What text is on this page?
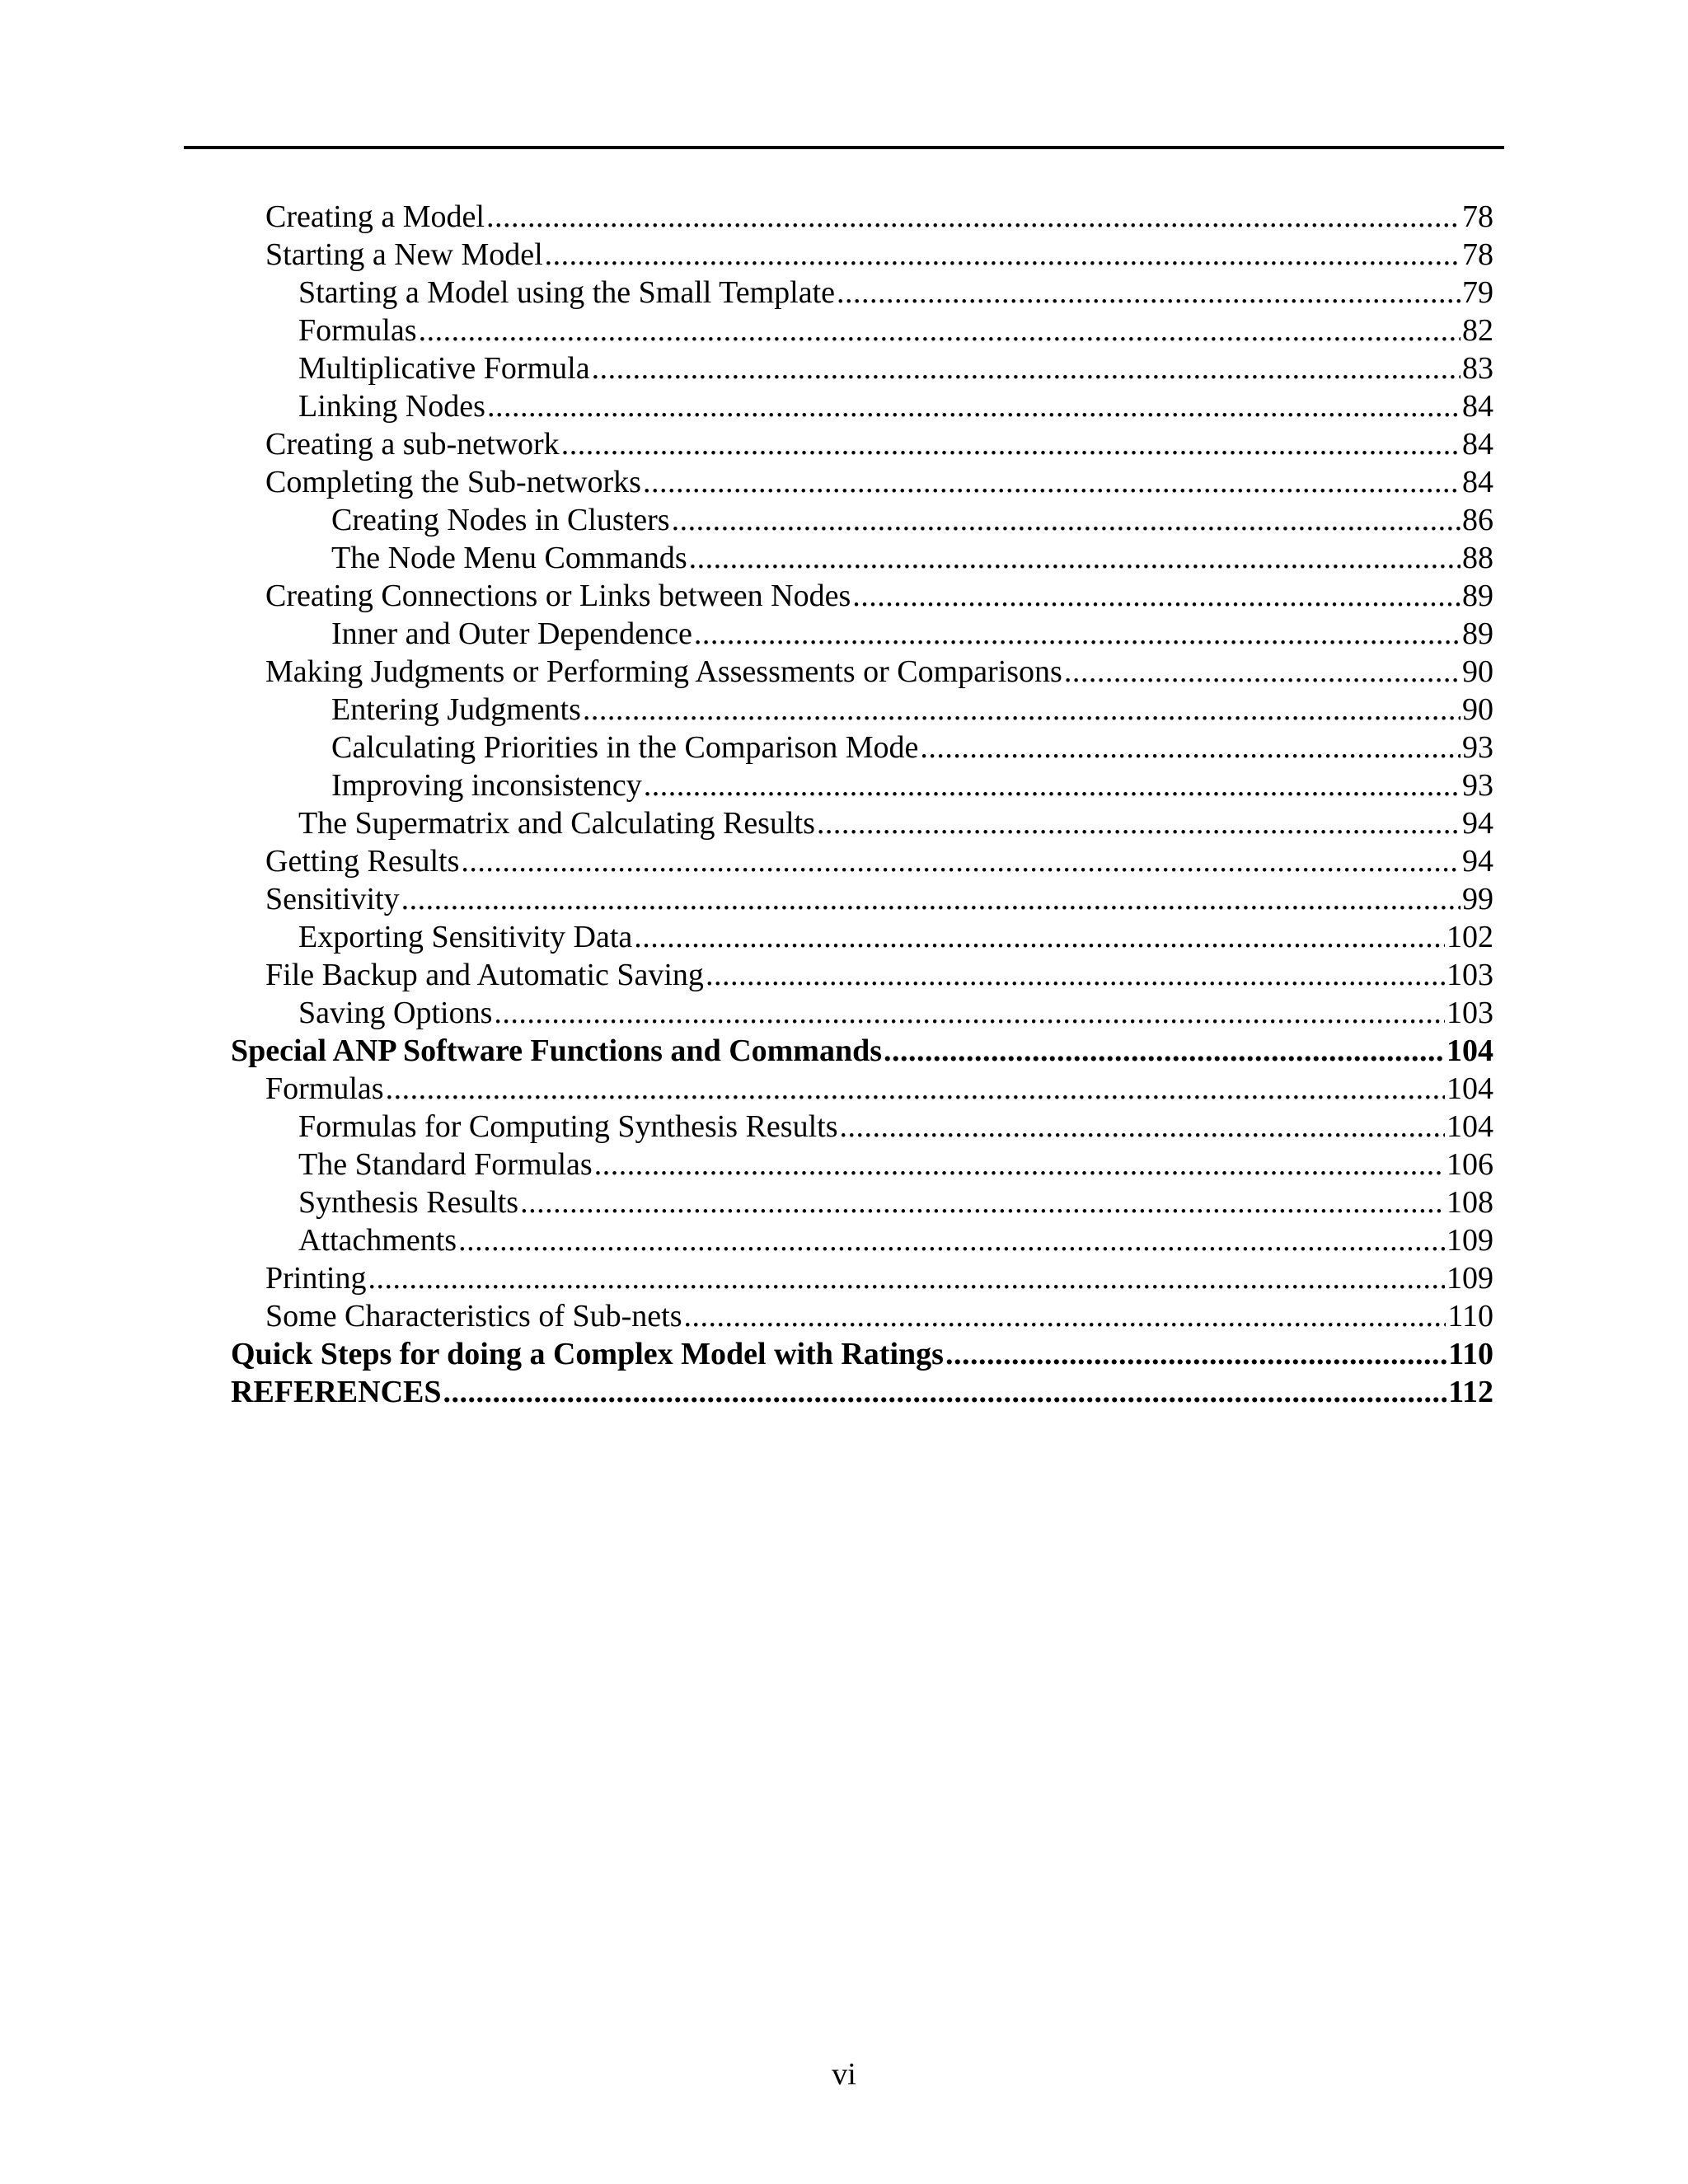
Creating a Model .....	78
Starting a New Model .....	78
Starting a Model using the Small Template .....	79
Formulas .....	82
Multiplicative Formula .....	83
Linking Nodes .....	84
Creating a sub-network .....	84
Completing the Sub-networks .....	84
Creating Nodes in Clusters .....	86
The Node Menu Commands .....	88
Creating Connections or Links between Nodes .....	89
Inner and Outer Dependence .....	89
Making Judgments or Performing Assessments or Comparisons .....	90
Entering Judgments .....	90
Calculating Priorities in the Comparison Mode .....	93
Improving inconsistency .....	93
The Supermatrix and Calculating Results .....	94
Getting Results .....	94
Sensitivity .....	99
Exporting Sensitivity Data .....	102
File Backup and Automatic Saving .....	103
Saving Options .....	103
Special ANP Software Functions and Commands .....	104
Formulas .....	104
Formulas for Computing Synthesis Results .....	104
The Standard Formulas .....	106
Synthesis Results .....	108
Attachments .....	109
Printing .....	109
Some Characteristics of Sub-nets .....	110
Quick Steps for doing a Complex Model with Ratings .....	110
REFERENCES .....	112
vi
